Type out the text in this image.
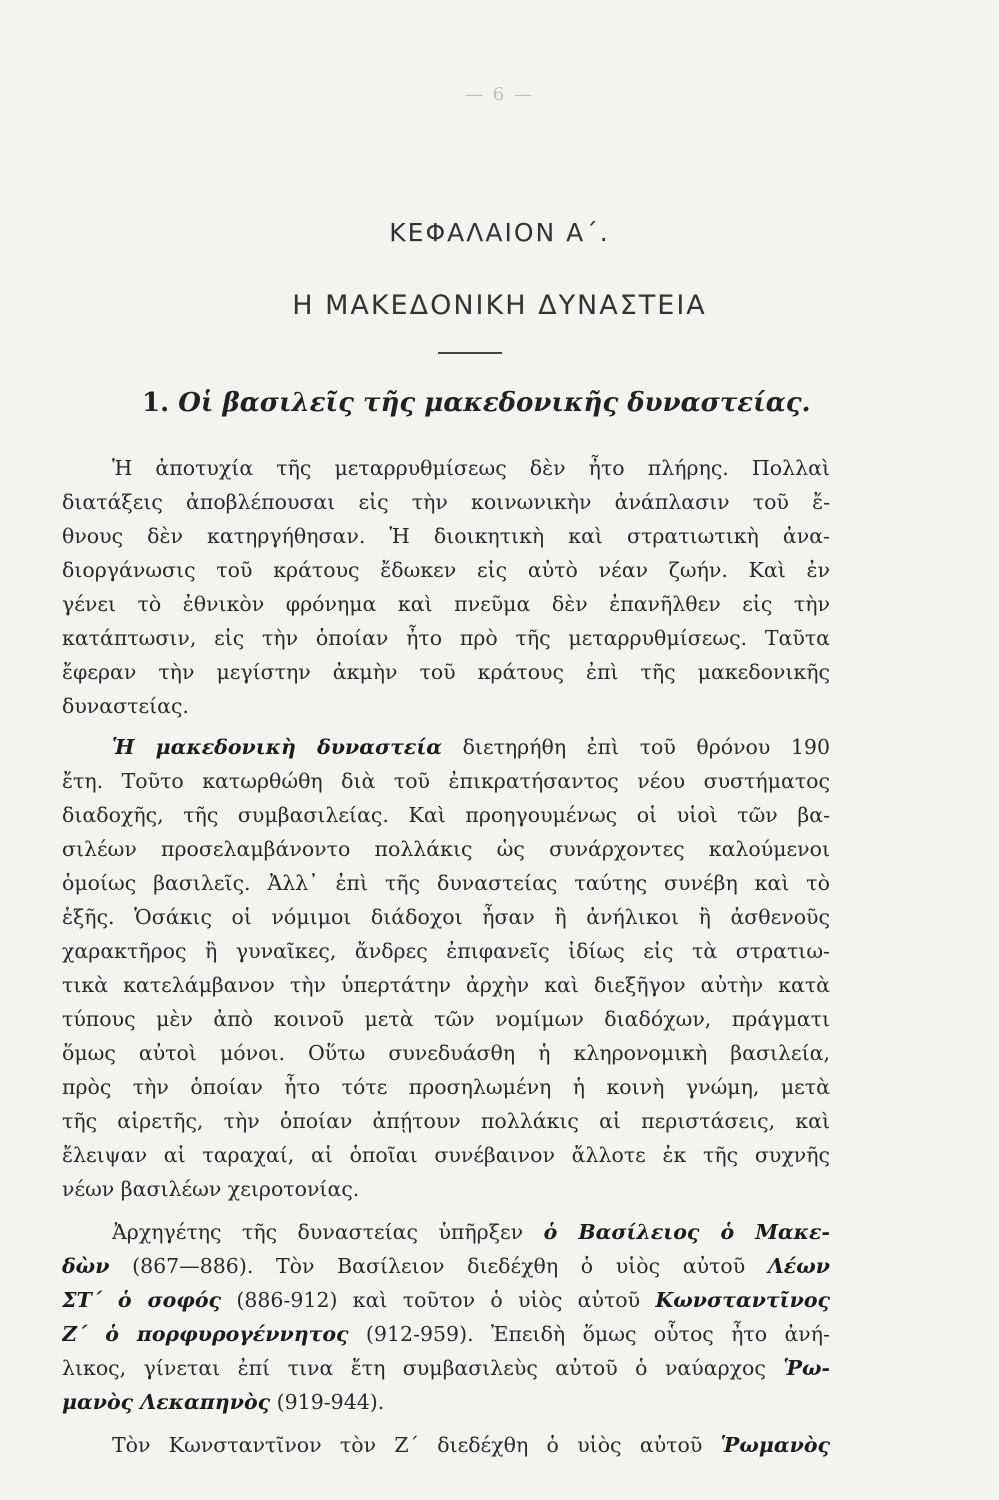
— 6 —
ΚΕΦΑΛΑΙΟΝ Α΄.
Η ΜΑΚΕΔΟΝΙΚΗ ΔΥΝΑΣΤΕΙΑ
1. Οἱ βασιλεῖς τῆς μακεδονικῆς δυναστείας.
Ἡ ἀποτυχία τῆς μεταρρυθμίσεως δὲν ἦτο πλήρης. Πολλαὶ
διατάξεις ἀποβλέπουσαι εἰς τὴν κοινωνικὴν ἀνάπλασιν τοῦ ἔ-
θνους δὲν κατηργήθησαν. Ἡ διοικητικὴ καὶ στρατιωτικὴ ἀνα-
διοργάνωσις τοῦ κράτους ἔδωκεν εἰς αὐτὸ νέαν ζωήν. Καὶ ἐν
γένει τὸ ἐθνικὸν φρόνημα καὶ πνεῦμα δὲν ἐπανῆλθεν εἰς τὴν
κατάπτωσιν, εἰς τὴν ὁποίαν ἦτο πρὸ τῆς μεταρρυθμίσεως. Ταῦτα
ἔφεραν τὴν μεγίστην ἀκμὴν τοῦ κράτους ἐπὶ τῆς μακεδονικῆς
δυναστείας.
Ἡ μακεδονικὴ δυναστεία διετηρήθη ἐπὶ τοῦ θρόνου 190
ἔτη. Τοῦτο κατωρθώθη διὰ τοῦ ἐπικρατήσαντος νέου συστήματος
διαδοχῆς, τῆς συμβασιλείας. Καὶ προηγουμένως οἱ υἱοὶ τῶν βα-
σιλέων προσελαμβάνοντο πολλάκις ὡς συνάρχοντες καλούμενοι
ὁμοίως βασιλεῖς. Ἀλλ᾽ ἐπὶ τῆς δυναστείας ταύτης συνέβη καὶ τὸ
ἑξῆς. Ὁσάκις οἱ νόμιμοι διάδοχοι ἦσαν ἢ ἀνήλικοι ἢ ἀσθενοῦς
χαρακτῆρος ἢ γυναῖκες, ἄνδρες ἐπιφανεῖς ἰδίως εἰς τὰ στρατιω-
τικὰ κατελάμβανον τὴν ὑπερτάτην ἀρχὴν καὶ διεξῆγον αὐτὴν κατὰ
τύπους μὲν ἀπὸ κοινοῦ μετὰ τῶν νομίμων διαδόχων, πράγματι
ὅμως αὐτοὶ μόνοι. Οὕτω συνεδυάσθη ἡ κληρονομικὴ βασιλεία,
πρὸς τὴν ὁποίαν ἦτο τότε προσηλωμένη ἡ κοινὴ γνώμη, μετὰ
τῆς αἱρετῆς, τὴν ὁποίαν ἀπῄτουν πολλάκις αἱ περιστάσεις, καὶ
ἔλειψαν αἱ ταραχαί, αἱ ὁποῖαι συνέβαινον ἄλλοτε ἐκ τῆς συχνῆς
νέων βασιλέων χειροτονίας.
Ἀρχηγέτης τῆς δυναστείας ὑπῆρξεν ὁ Βασίλειος ὁ Μακε-
δὼν (867—886). Τὸν Βασίλειον διεδέχθη ὁ υἱὸς αὐτοῦ Λέων
ΣΤ΄ ὁ σοφός (886-912) καὶ τοῦτον ὁ υἱὸς αὐτοῦ Κωνσταντῖνος
Ζ΄ ὁ πορφυρογέννητος (912-959). Ἐπειδὴ ὅμως οὗτος ἦτο ἀνή-
λικος, γίνεται ἐπί τινα ἔτη συμβασιλεὺς αὐτοῦ ὁ ναύαρχος Ῥω-
μανὸς Λεκαπηνὸς (919-944).
Τὸν Κωνσταντῖνον τὸν Ζ΄ διεδέχθη ὁ υἱὸς αὐτοῦ Ῥωμανὸς
